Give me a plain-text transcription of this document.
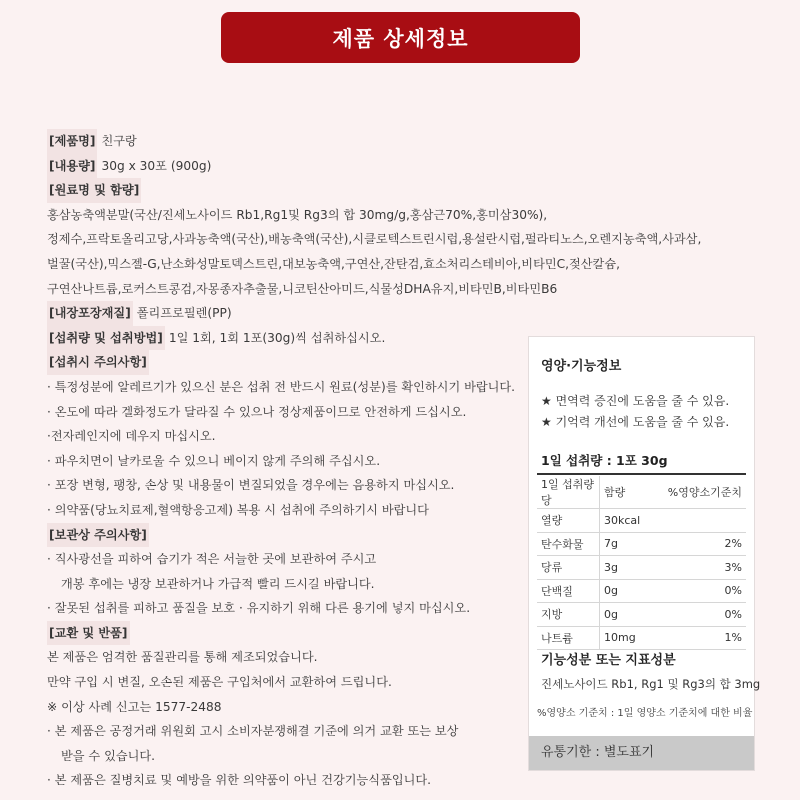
제품 상세정보
[제품명] 친구랑
[내용량] 30g x 30포 (900g)
[원료명 및 함량]
홍삼농축액분말(국산/진세노사이드 Rb1,Rg1및 Rg3의 합 30mg/g,홍삼근70%,홍미삼30%),
정제수,프락토올리고당,사과농축액(국산),배농축액(국산),시클로텍스트린시럽,용설란시럽,펄라티노스,오렌지농축액,사과삼,
벌꿀(국산),믹스젤-G,난소화성말토덱스트린,대보농축액,구연산,잔탄검,효소처리스테비아,비타민C,젖산칼슘,
구연산나트륨,로커스트콩검,자몽종자추출물,니코틴산아미드,식물성DHA유지,비타민B,비타민B6
[내장포장재질] 폴리프로필렌(PP)
[섭취량 및 섭취방법] 1일 1회, 1회 1포(30g)씩 섭취하십시오.
[섭취시 주의사항]
· 특정성분에 알레르기가 있으신 분은 섭취 전 반드시 원료(성분)를 확인하시기 바랍니다.
· 온도에 따라 겔화정도가 달라질 수 있으나 정상제품이므로 안전하게 드십시오.
·전자레인지에 데우지 마십시오.
· 파우치면이 날카로울 수 있으니 베이지 않게 주의해 주십시오.
· 포장 변형, 팽창, 손상 및 내용물이 변질되었을 경우에는 음용하지 마십시오.
· 의약품(당뇨치료제,혈액항응고제) 복용 시 섭취에 주의하기시 바랍니다
[보관상 주의사항]
· 직사광선을 피하여 습기가 적은 서늘한 곳에 보관하여 주시고
개봉 후에는 냉장 보관하거나 가급적 빨리 드시길 바랍니다.
· 잘못된 섭취를 피하고 품질을 보호 · 유지하기 위해 다른 용기에 넣지 마십시오.
[교환 및 반품]
본 제품은 엄격한 품질관리를 통해 제조되었습니다.
만약 구입 시 변질, 오손된 제품은 구입처에서 교환하여 드립니다.
※ 이상 사례 신고는 1577-2488
· 본 제품은 공정거래 위원회 고시 소비자분쟁해결 기준에 의거 교환 또는 보상
받을 수 있습니다.
· 본 제품은 질병치료 및 예방을 위한 의약품이 아닌 건강기능식품입니다.
영양·기능정보
★ 면역력 증진에 도움을 줄 수 있음.
★ 기억력 개선에 도움을 줄 수 있음.
1일 섭취량 : 1포 30g
1일 섭취량당	함량	%영양소기준치
열량	30kcal	
탄수화물	7g	2%
당류	3g	3%
단백질	0g	0%
지방	0g	0%
나트륨	10mg	1%
기능성분 또는 지표성분
진세노사이드 Rb1, Rg1 및 Rg3의 합 3mg
%영양소 기준치 : 1일 영양소 기준치에 대한 비율
유통기한 : 별도표기
